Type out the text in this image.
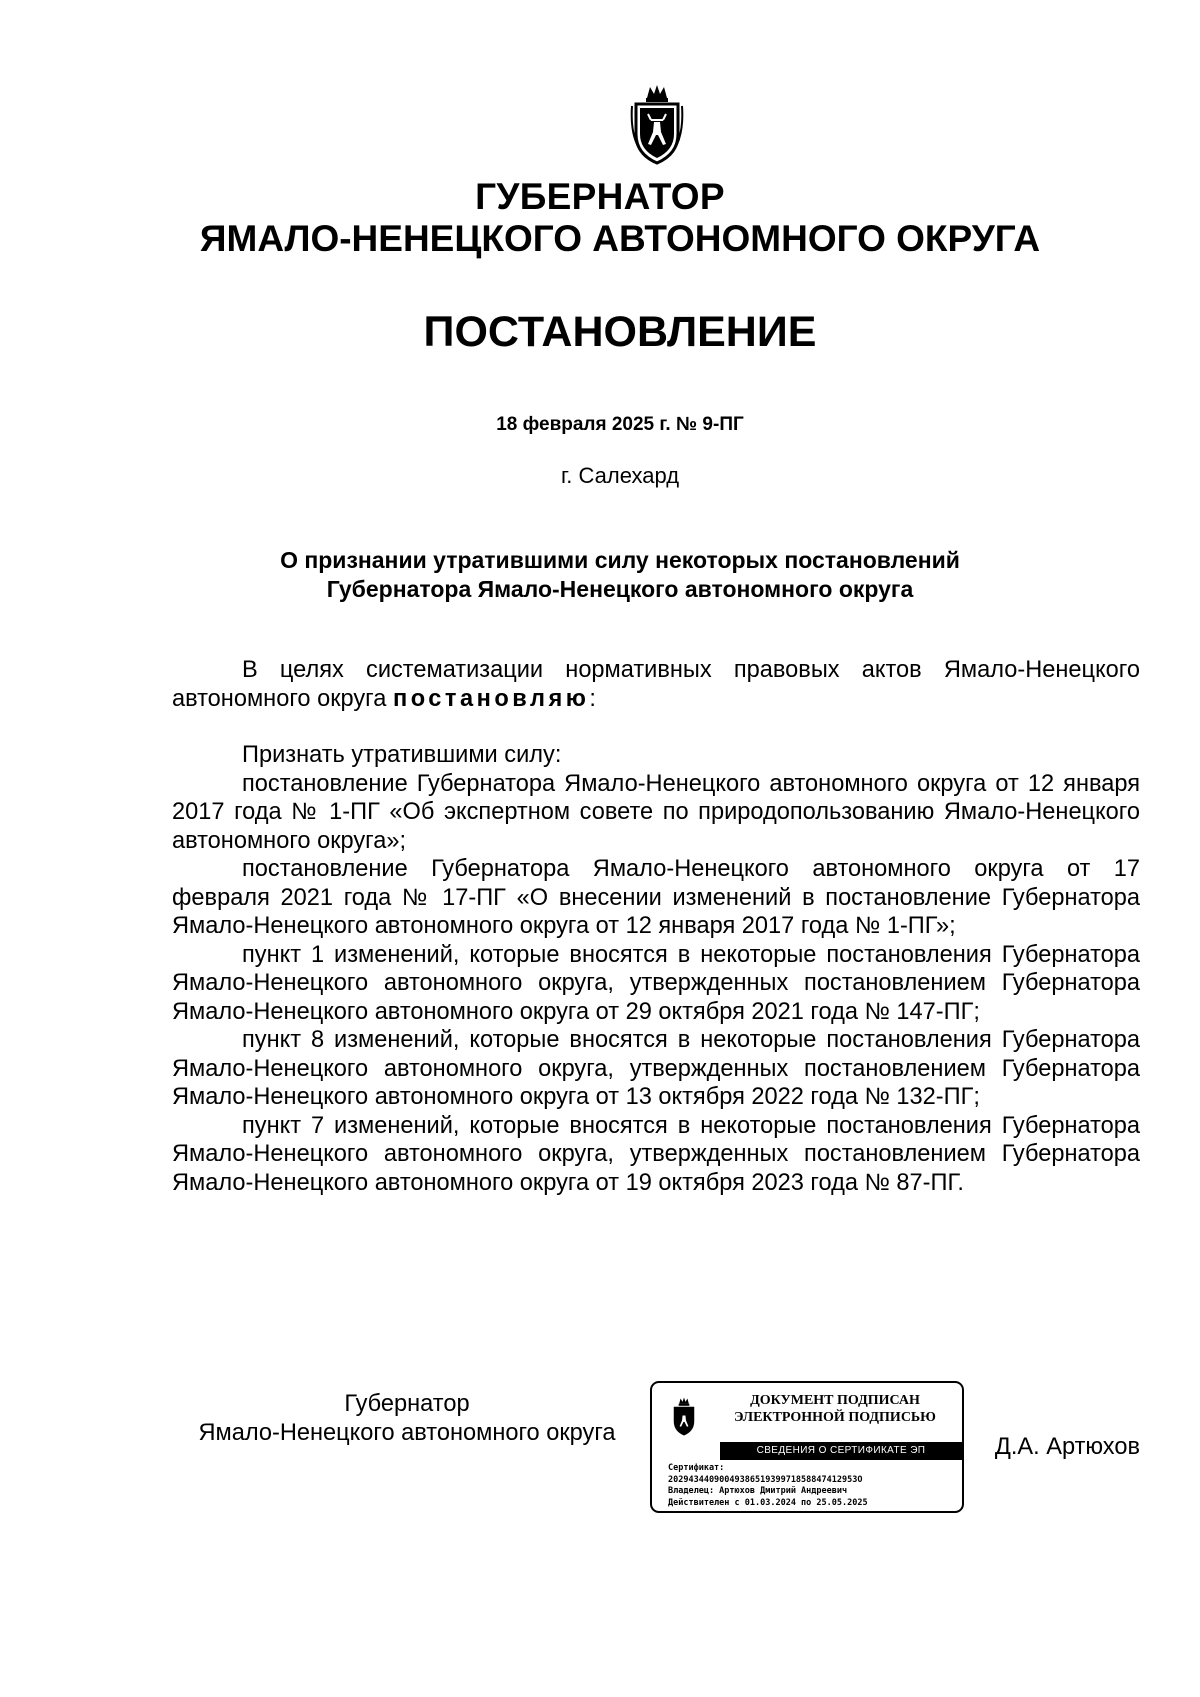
ГУБЕРНАТОР
ЯМАЛО-НЕНЕЦКОГО АВТОНОМНОГО ОКРУГА
ПОСТАНОВЛЕНИЕ
18 февраля 2025 г. № 9-ПГ
г. Салехард
О признании утратившими силу некоторых постановлений
Губернатора Ямало-Ненецкого автономного округа

В целях систематизации нормативных правовых актов Ямало-Ненецкого автономного округа постановляю:

Признать утратившими силу:

постановление Губернатора Ямало-Ненецкого автономного округа от 12 января 2017 года № 1-ПГ «Об экспертном совете по природопользованию Ямало-Ненецкого автономного округа»;

постановление Губернатора Ямало-Ненецкого автономного округа от 17 февраля 2021 года № 17-ПГ «О внесении изменений в постановление Губернатора Ямало-Ненецкого автономного округа от 12 января 2017 года № 1-ПГ»;

пункт 1 изменений, которые вносятся в некоторые постановления Губернатора Ямало-Ненецкого автономного округа, утвержденных постановлением Губернатора Ямало-Ненецкого автономного округа от 29 октября 2021 года № 147-ПГ;

пункт 8 изменений, которые вносятся в некоторые постановления Губернатора Ямало-Ненецкого автономного округа, утвержденных постановлением Губернатора Ямало-Ненецкого автономного округа от 13 октября 2022 года № 132-ПГ;

пункт 7 изменений, которые вносятся в некоторые постановления Губернатора Ямало-Ненецкого автономного округа, утвержденных постановлением Губернатора Ямало-Ненецкого автономного округа от 19 октября 2023 года № 87-ПГ.

Губернатор
Ямало-Ненецкого автономного округа
Д.А. Артюхов
ДОКУМЕНТ ПОДПИСАН
ЭЛЕКТРОННОЙ ПОДПИСЬЮ
СВЕДЕНИЯ О СЕРТИФИКАТЕ ЭП
Сертификат:
2029434409004938651939971858847412953O
Владелец: Артюхов Дмитрий Андреевич
Действителен с 01.03.2024 по 25.05.2025
